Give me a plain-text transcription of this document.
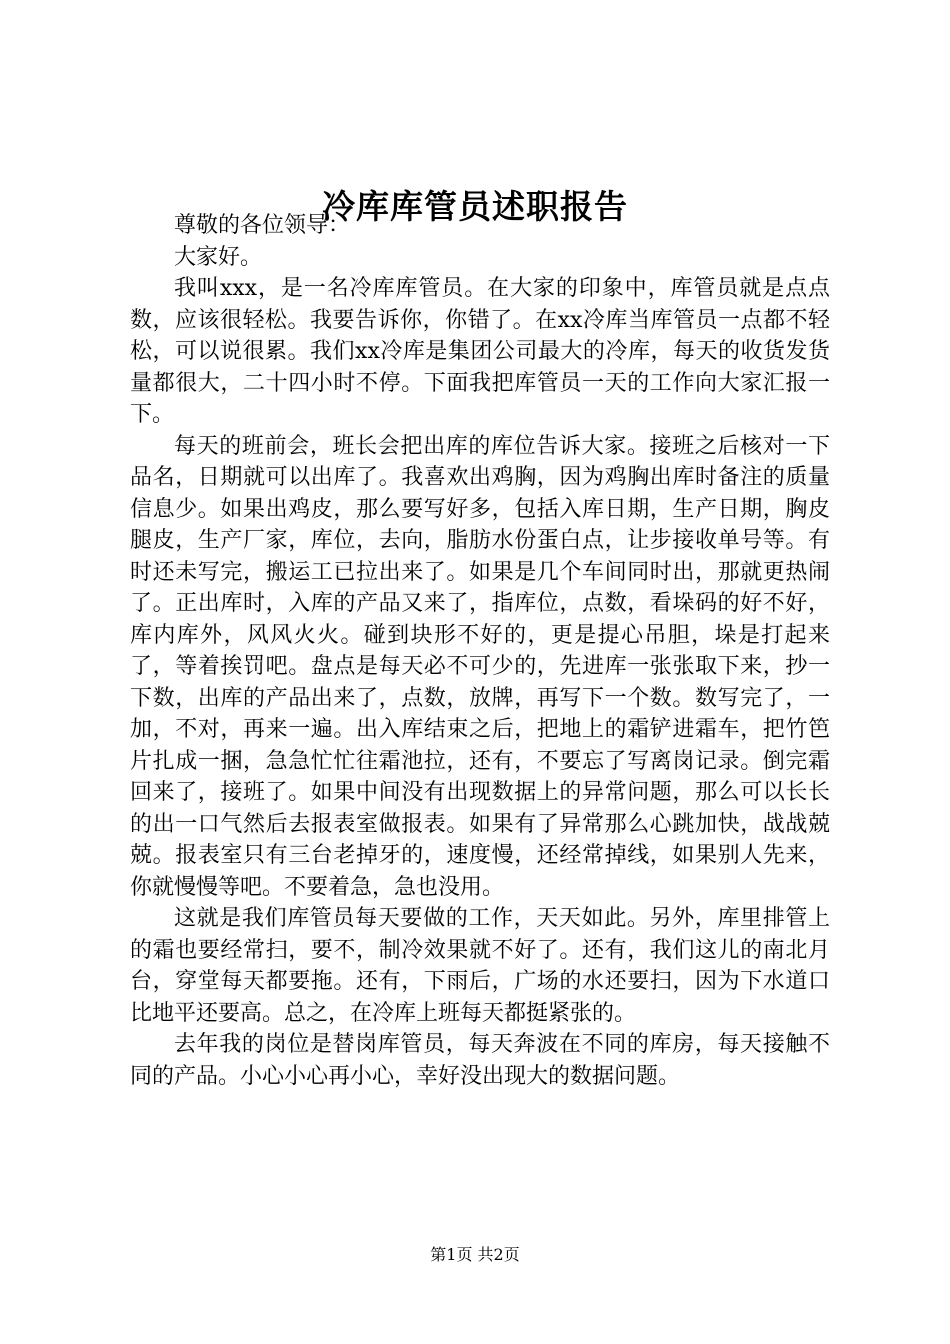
冷库库管员述职报告

尊敬的各位领导：

大家好。

我叫xxx，是一名冷库库管员。在大家的印象中，库管员就是点点数，应该很轻松。我要告诉你，你错了。在xx冷库当库管员一点都不轻松，可以说很累。我们xx冷库是集团公司最大的冷库，每天的收货发货量都很大，二十四小时不停。下面我把库管员一天的工作向大家汇报一下。

每天的班前会，班长会把出库的库位告诉大家。接班之后核对一下品名，日期就可以出库了。我喜欢出鸡胸，因为鸡胸出库时备注的质量信息少。如果出鸡皮，那么要写好多，包括入库日期，生产日期，胸皮腿皮，生产厂家，库位，去向，脂肪水份蛋白点，让步接收单号等。有时还未写完，搬运工已拉出来了。如果是几个车间同时出，那就更热闹了。正出库时，入库的产品又来了，指库位，点数，看垛码的好不好，库内库外，风风火火。碰到块形不好的，更是提心吊胆，垛是打起来了，等着挨罚吧。盘点是每天必不可少的，先进库一张张取下来，抄一下数，出库的产品出来了，点数，放牌，再写下一个数。数写完了，一加，不对，再来一遍。出入库结束之后，把地上的霜铲进霜车，把竹笆片扎成一捆，急急忙忙往霜池拉，还有，不要忘了写离岗记录。倒完霜回来了，接班了。如果中间没有出现数据上的异常问题，那么可以长长的出一口气然后去报表室做报表。如果有了异常那么心跳加快，战战兢兢。报表室只有三台老掉牙的，速度慢，还经常掉线，如果别人先来，你就慢慢等吧。不要着急，急也没用。

这就是我们库管员每天要做的工作，天天如此。另外，库里排管上的霜也要经常扫，要不，制冷效果就不好了。还有，我们这儿的南北月台，穿堂每天都要拖。还有，下雨后，广场的水还要扫，因为下水道口比地平还要高。总之，在冷库上班每天都挺紧张的。

去年我的岗位是替岗库管员，每天奔波在不同的库房，每天接触不同的产品。小心小心再小心，幸好没出现大的数据问题。

第1页 共2页
